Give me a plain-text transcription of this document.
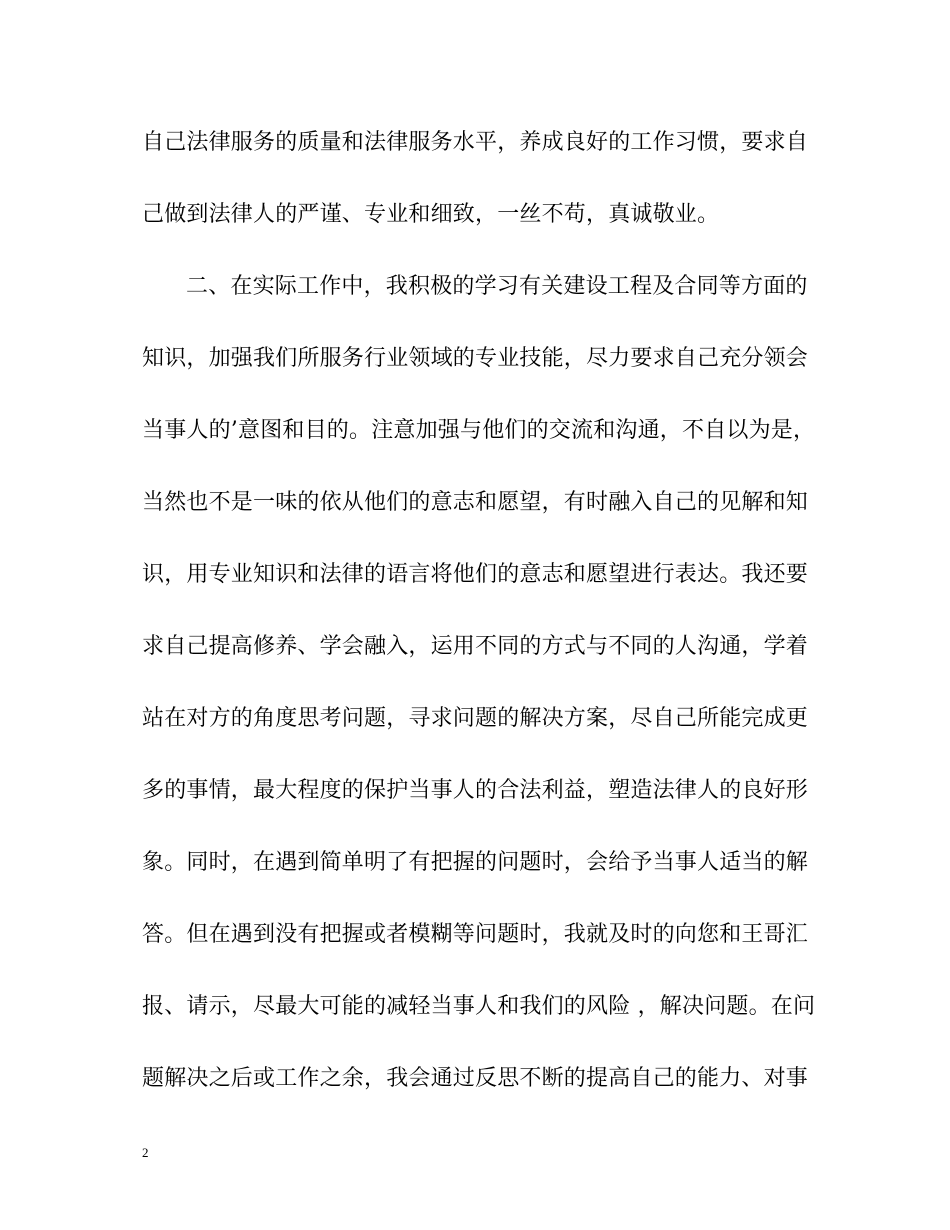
自己法律服务的质量和法律服务水平，养成良好的工作习惯，要求自
己做到法律人的严谨、专业和细致，一丝不苟，真诚敬业。
二、在实际工作中，我积极的学习有关建设工程及合同等方面的
知识，加强我们所服务行业领域的专业技能，尽力要求自己充分领会
当事人的’意图和目的。注意加强与他们的交流和沟通，不自以为是，
当然也不是一味的依从他们的意志和愿望，有时融入自己的见解和知
识，用专业知识和法律的语言将他们的意志和愿望进行表达。我还要
求自己提高修养、学会融入，运用不同的方式与不同的人沟通，学着
站在对方的角度思考问题，寻求问题的解决方案，尽自己所能完成更
多的事情，最大程度的保护当事人的合法利益，塑造法律人的良好形
象。同时，在遇到简单明了有把握的问题时，会给予当事人适当的解
答。但在遇到没有把握或者模糊等问题时，我就及时的向您和王哥汇
报、请示，尽最大可能的减轻当事人和我们的风险 ，解决问题。在问
题解决之后或工作之余，我会通过反思不断的提高自己的能力、对事
2
